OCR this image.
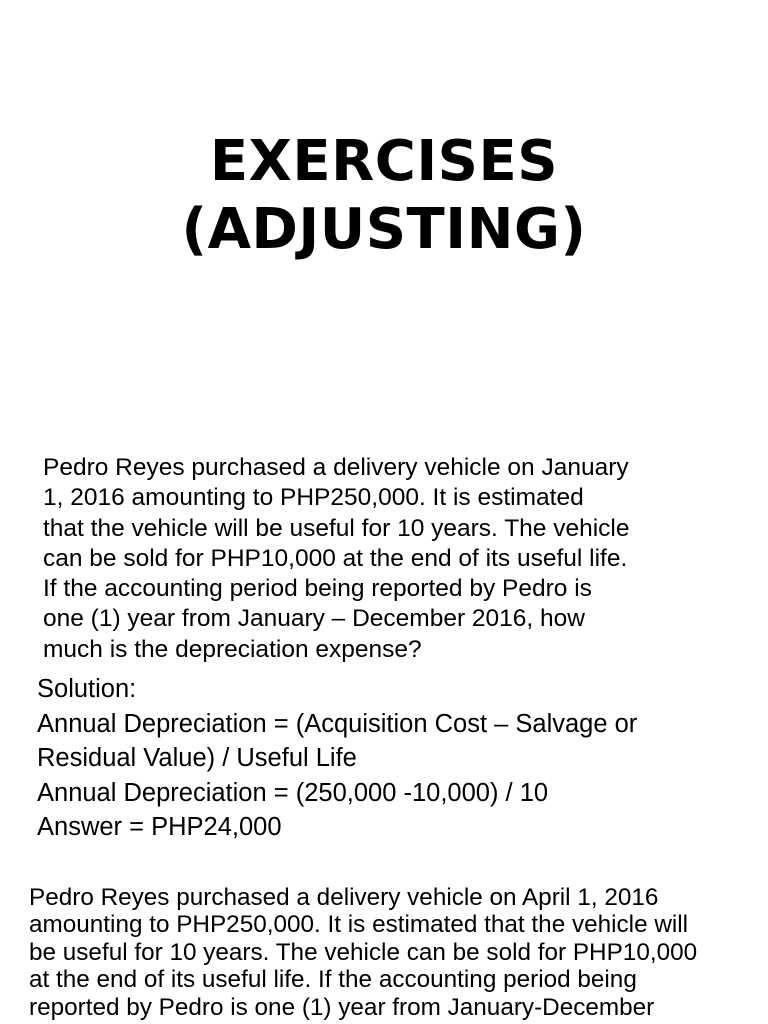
EXERCISES
(ADJUSTING)
Pedro Reyes purchased a delivery vehicle on January
1, 2016 amounting to PHP250,000. It is estimated
that the vehicle will be useful for 10 years. The vehicle
can be sold for PHP10,000 at the end of its useful life.
If the accounting period being reported by Pedro is
one (1) year from January – December 2016, how
much is the depreciation expense?
Solution:
Annual Depreciation = (Acquisition Cost – Salvage or
Residual Value) / Useful Life
Annual Depreciation = (250,000 -10,000) / 10
Answer = PHP24,000
Pedro Reyes purchased a delivery vehicle on April 1, 2016
amounting to PHP250,000. It is estimated that the vehicle will
be useful for 10 years. The vehicle can be sold for PHP10,000
at the end of its useful life. If the accounting period being
reported by Pedro is one (1) year from January-December
